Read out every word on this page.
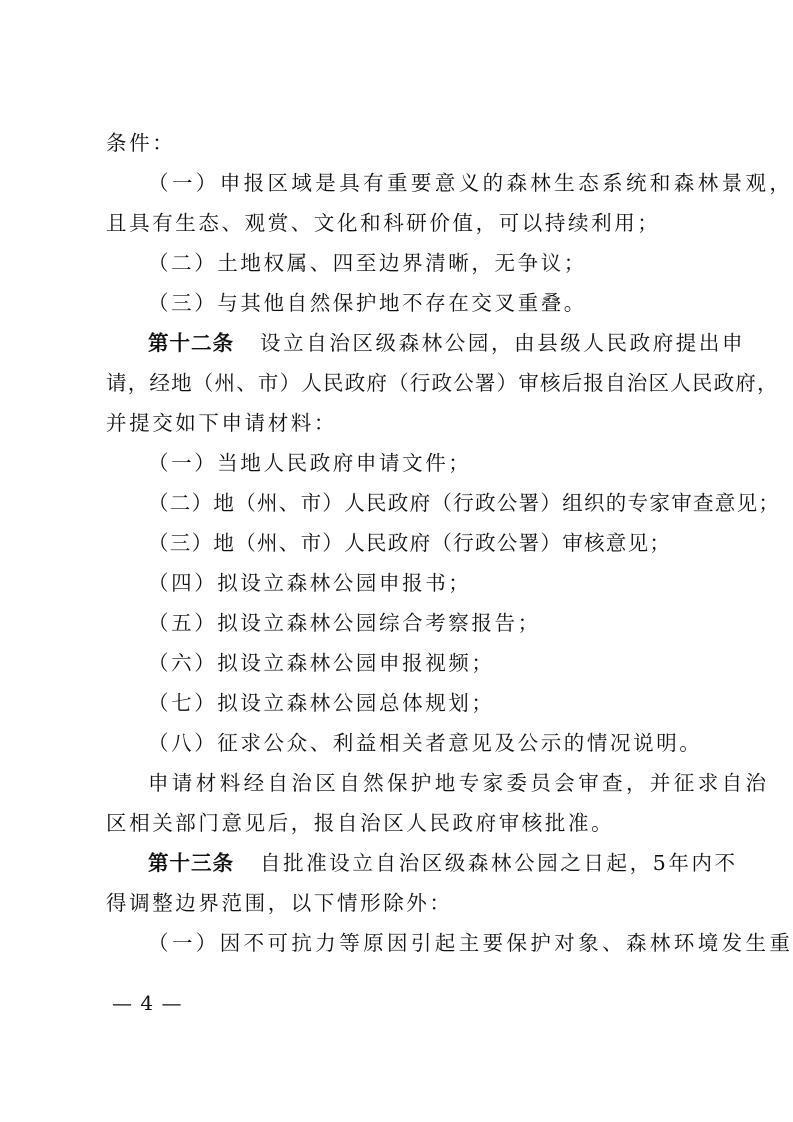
条件：
（一）申报区域是具有重要意义的森林生态系统和森林景观，
且具有生态、观赏、文化和科研价值，可以持续利用；
（二）土地权属、四至边界清晰，无争议；
（三）与其他自然保护地不存在交叉重叠。
第十二条 设立自治区级森林公园，由县级人民政府提出申
请，经地（州、市）人民政府（行政公署）审核后报自治区人民政府，
并提交如下申请材料：
（一）当地人民政府申请文件；
（二）地（州、市）人民政府（行政公署）组织的专家审查意见；
（三）地（州、市）人民政府（行政公署）审核意见；
（四）拟设立森林公园申报书；
（五）拟设立森林公园综合考察报告；
（六）拟设立森林公园申报视频；
（七）拟设立森林公园总体规划；
（八）征求公众、利益相关者意见及公示的情况说明。
申请材料经自治区自然保护地专家委员会审查，并征求自治
区相关部门意见后，报自治区人民政府审核批准。
第十三条 自批准设立自治区级森林公园之日起，5年内不
得调整边界范围，以下情形除外：
（一）因不可抗力等原因引起主要保护对象、森林环境发生重
— 4 —
